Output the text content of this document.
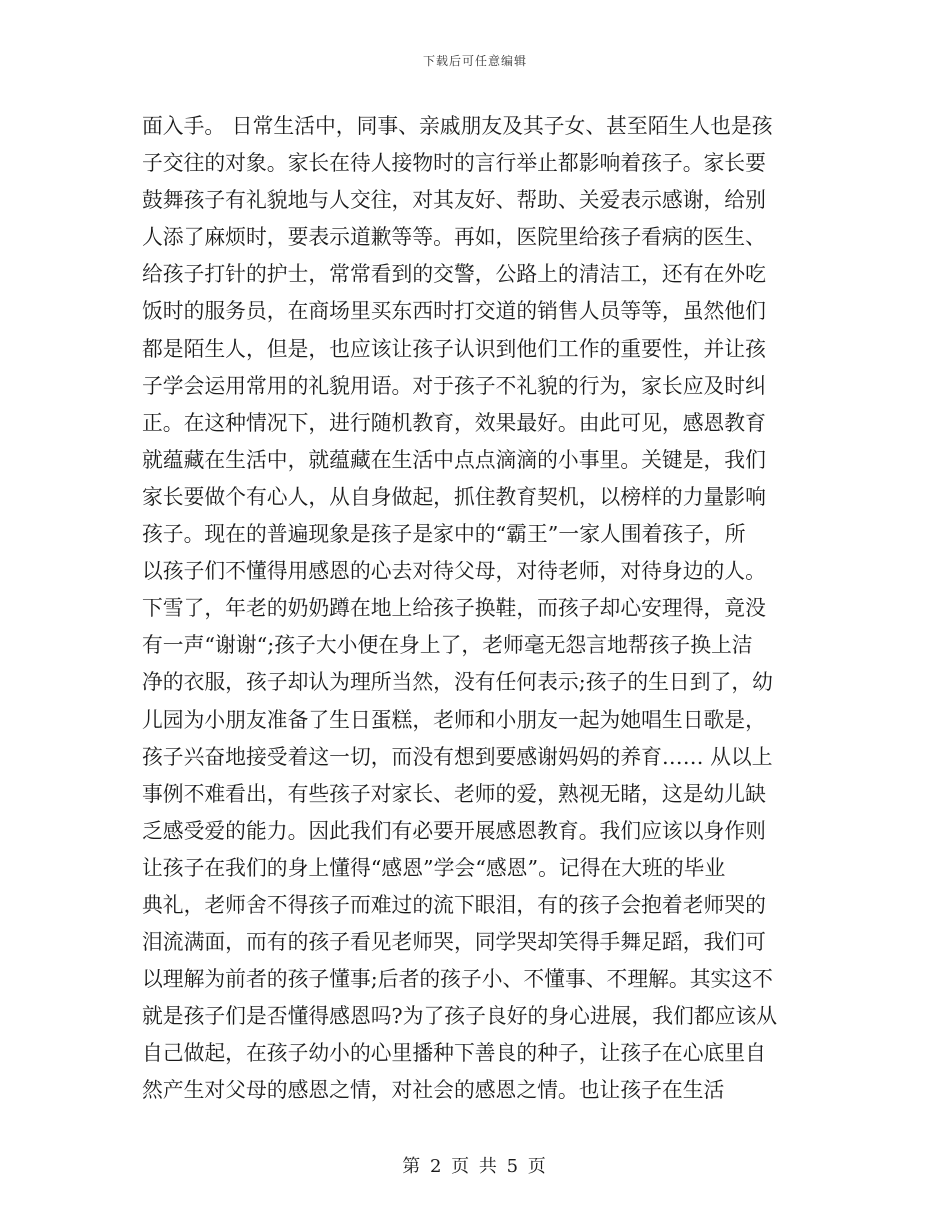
下载后可任意编辑
面入手。 日常生活中，同事、亲戚朋友及其子女、甚至陌生人也是孩
子交往的对象。家长在待人接物时的言行举止都影响着孩子。家长要
鼓舞孩子有礼貌地与人交往，对其友好、帮助、关爱表示感谢，给别
人添了麻烦时，要表示道歉等等。再如，医院里给孩子看病的医生、
给孩子打针的护士，常常看到的交警，公路上的清洁工，还有在外吃
饭时的服务员，在商场里买东西时打交道的销售人员等等，虽然他们
都是陌生人，但是，也应该让孩子认识到他们工作的重要性，并让孩
子学会运用常用的礼貌用语。对于孩子不礼貌的行为，家长应及时纠
正。在这种情况下，进行随机教育，效果最好。由此可见，感恩教育
就蕴藏在生活中，就蕴藏在生活中点点滴滴的小事里。关键是，我们
家长要做个有心人，从自身做起，抓住教育契机，以榜样的力量影响
孩子。现在的普遍现象是孩子是家中的“霸王”一家人围着孩子，所
以孩子们不懂得用感恩的心去对待父母，对待老师，对待身边的人。
下雪了，年老的奶奶蹲在地上给孩子换鞋，而孩子却心安理得，竟没
有一声“谢谢“;孩子大小便在身上了，老师毫无怨言地帮孩子换上洁
净的衣服，孩子却认为理所当然，没有任何表示;孩子的生日到了，幼
儿园为小朋友准备了生日蛋糕，老师和小朋友一起为她唱生日歌是，
孩子兴奋地接受着这一切，而没有想到要感谢妈妈的养育…… 从以上
事例不难看出，有些孩子对家长、老师的爱，熟视无睹，这是幼儿缺
乏感受爱的能力。因此我们有必要开展感恩教育。我们应该以身作则
让孩子在我们的身上懂得“感恩”学会“感恩”。记得在大班的毕业
典礼，老师舍不得孩子而难过的流下眼泪，有的孩子会抱着老师哭的
泪流满面，而有的孩子看见老师哭，同学哭却笑得手舞足蹈，我们可
以理解为前者的孩子懂事;后者的孩子小、不懂事、不理解。其实这不
就是孩子们是否懂得感恩吗?为了孩子良好的身心进展，我们都应该从
自己做起，在孩子幼小的心里播种下善良的种子，让孩子在心底里自
然产生对父母的感恩之情，对社会的感恩之情。也让孩子在生活
第 2 页 共 5 页
